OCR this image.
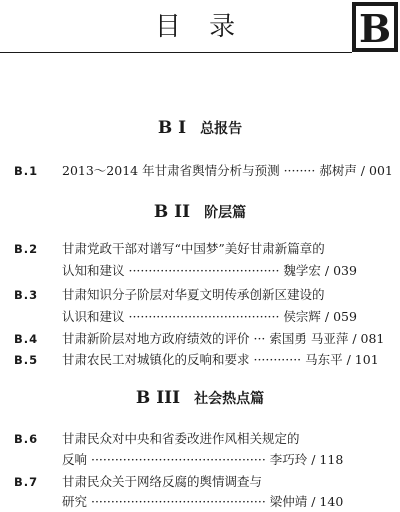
目 录	B
B I 总报告
B.1 2013～2014 年甘肃省舆情分析与预测 ········ 郝树声 / 001
B II 阶层篇
B.2 甘肃党政干部对谱写“中国梦”美好甘肃新篇章的
认知和建议 ······································ 魏学宏 / 039
B.3 甘肃知识分子阶层对华夏文明传承创新区建设的
认识和建议 ······································ 侯宗辉 / 059
B.4 甘肃新阶层对地方政府绩效的评价 ··· 索国勇 马亚萍 / 081
B.5 甘肃农民工对城镇化的反响和要求 ············ 马东平 / 101
B III 社会热点篇
B.6 甘肃民众对中央和省委改进作风相关规定的
反响 ············································ 李巧玲 / 118
B.7 甘肃民众关于网络反腐的舆情调查与
研究 ············································ 梁仲靖 / 140
